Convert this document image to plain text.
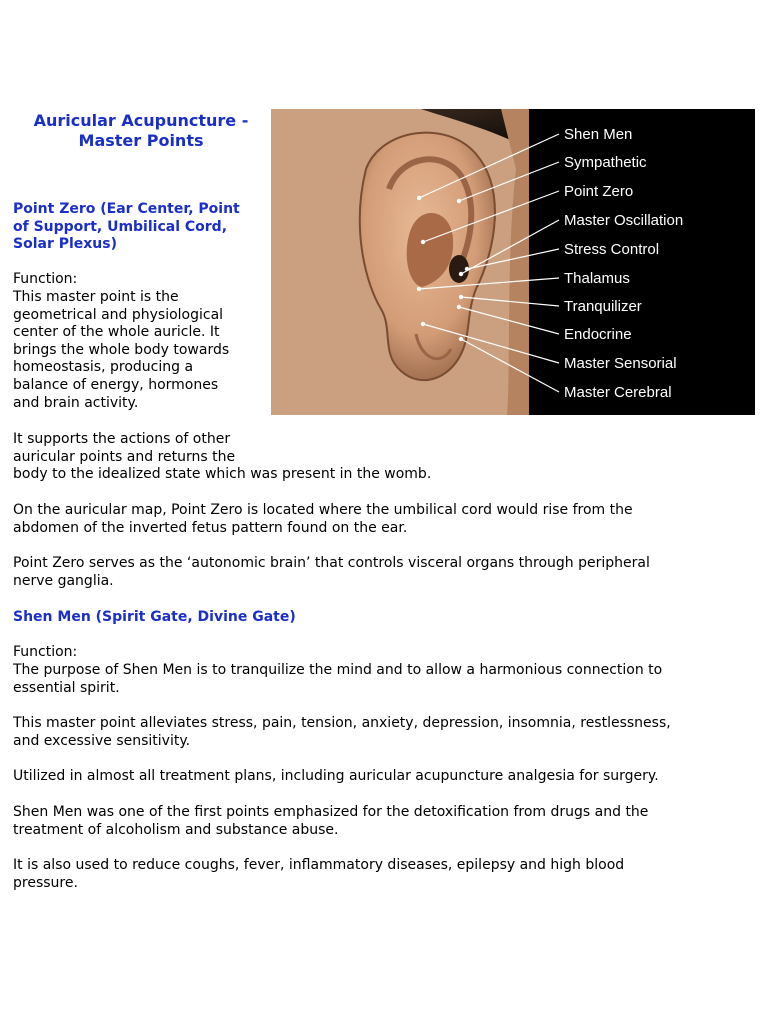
Auricular Acupuncture -
Master Points

Point Zero (Ear Center, Point
of Support, Umbilical Cord,
Solar Plexus)

Function:

This master point is the
geometrical and physiological
center of the whole auricle. It
brings the whole body towards
homeostasis, producing a
balance of energy, hormones
and brain activity.

It supports the actions of other
auricular points and returns the
body to the idealized state which was present in the womb.

On the auricular map, Point Zero is located where the umbilical cord would rise from the
abdomen of the inverted fetus pattern found on the ear.

Point Zero serves as the ‘autonomic brain’ that controls visceral organs through peripheral
nerve ganglia.

Shen Men (Spirit Gate, Divine Gate)

Function:

The purpose of Shen Men is to tranquilize the mind and to allow a harmonious connection to
essential spirit.

This master point alleviates stress, pain, tension, anxiety, depression, insomnia, restlessness,
and excessive sensitivity.

Utilized in almost all treatment plans, including auricular acupuncture analgesia for surgery.

Shen Men was one of the first points emphasized for the detoxification from drugs and the
treatment of alcoholism and substance abuse.

It is also used to reduce coughs, fever, inflammatory diseases, epilepsy and high blood
pressure.

Shen Men
Sympathetic
Point Zero
Master Oscillation
Stress Control
Thalamus
Tranquilizer
Endocrine
Master Sensorial
Master Cerebral
